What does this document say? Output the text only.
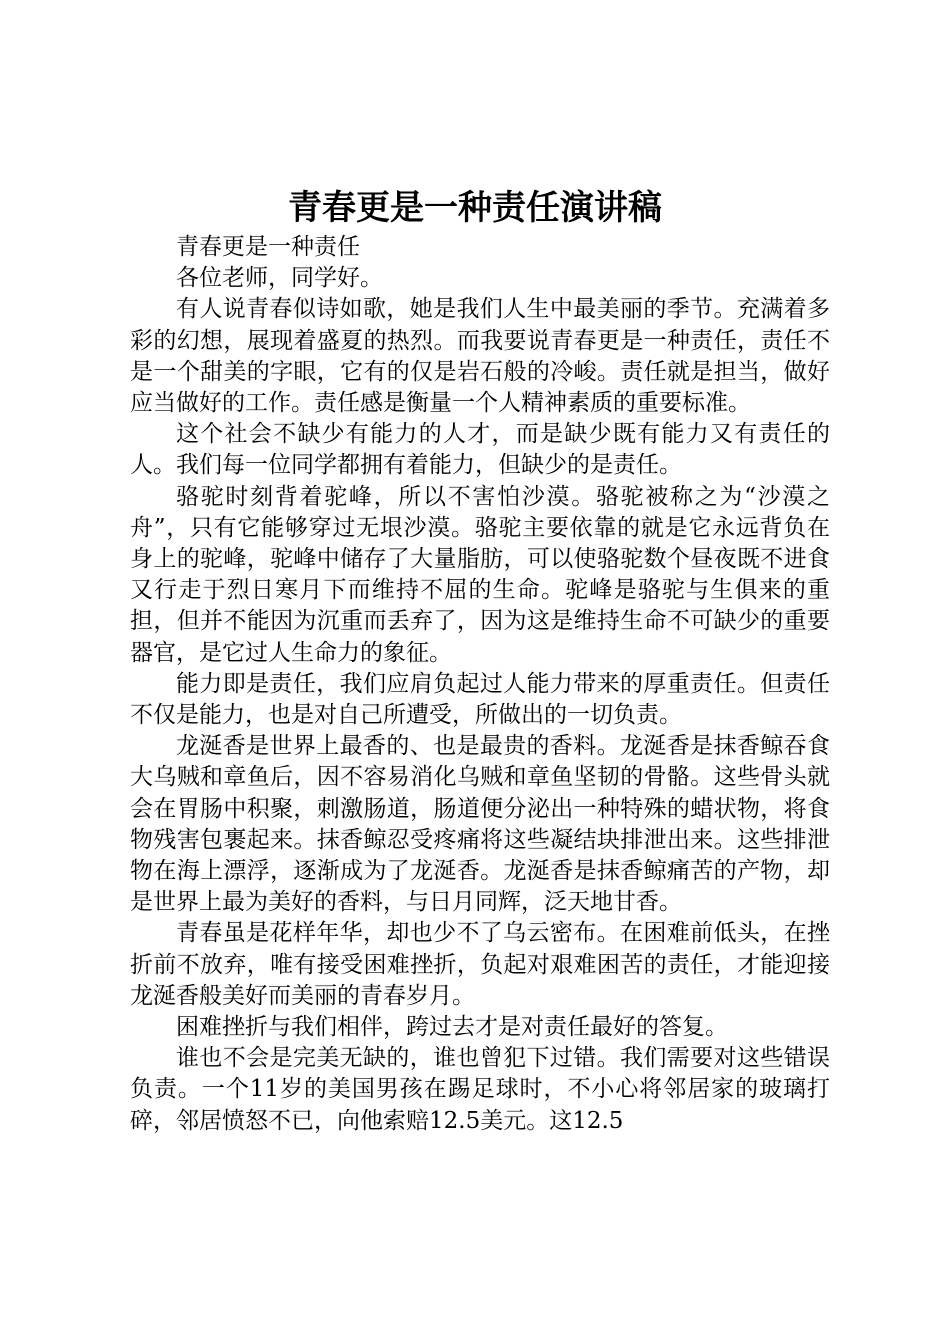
青春更是一种责任演讲稿

青春更是一种责任

各位老师，同学好。

有人说青春似诗如歌，她是我们人生中最美丽的季节。充满着多彩的幻想，展现着盛夏的热烈。而我要说青春更是一种责任，责任不是一个甜美的字眼，它有的仅是岩石般的冷峻。责任就是担当，做好应当做好的工作。责任感是衡量一个人精神素质的重要标准。

这个社会不缺少有能力的人才，而是缺少既有能力又有责任的人。我们每一位同学都拥有着能力，但缺少的是责任。

骆驼时刻背着驼峰，所以不害怕沙漠。骆驼被称之为“沙漠之舟”，只有它能够穿过无垠沙漠。骆驼主要依靠的就是它永远背负在身上的驼峰，驼峰中储存了大量脂肪，可以使骆驼数个昼夜既不进食又行走于烈日寒月下而维持不屈的生命。驼峰是骆驼与生俱来的重担，但并不能因为沉重而丢弃了，因为这是维持生命不可缺少的重要器官，是它过人生命力的象征。

能力即是责任，我们应肩负起过人能力带来的厚重责任。但责任不仅是能力，也是对自己所遭受，所做出的一切负责。

龙涎香是世界上最香的、也是最贵的香料。龙涎香是抹香鲸吞食大乌贼和章鱼后，因不容易消化乌贼和章鱼坚韧的骨骼。这些骨头就会在胃肠中积聚，刺激肠道，肠道便分泌出一种特殊的蜡状物，将食物残害包裹起来。抹香鲸忍受疼痛将这些凝结块排泄出来。这些排泄物在海上漂浮，逐渐成为了龙涎香。龙涎香是抹香鲸痛苦的产物，却是世界上最为美好的香料，与日月同辉，泛天地甘香。

青春虽是花样年华，却也少不了乌云密布。在困难前低头，在挫折前不放弃，唯有接受困难挫折，负起对艰难困苦的责任，才能迎接龙涎香般美好而美丽的青春岁月。

困难挫折与我们相伴，跨过去才是对责任最好的答复。

谁也不会是完美无缺的，谁也曾犯下过错。我们需要对这些错误负责。一个11岁的美国男孩在踢足球时，不小心将邻居家的玻璃打碎，邻居愤怒不已，向他索赔12.5美元。这12.5
